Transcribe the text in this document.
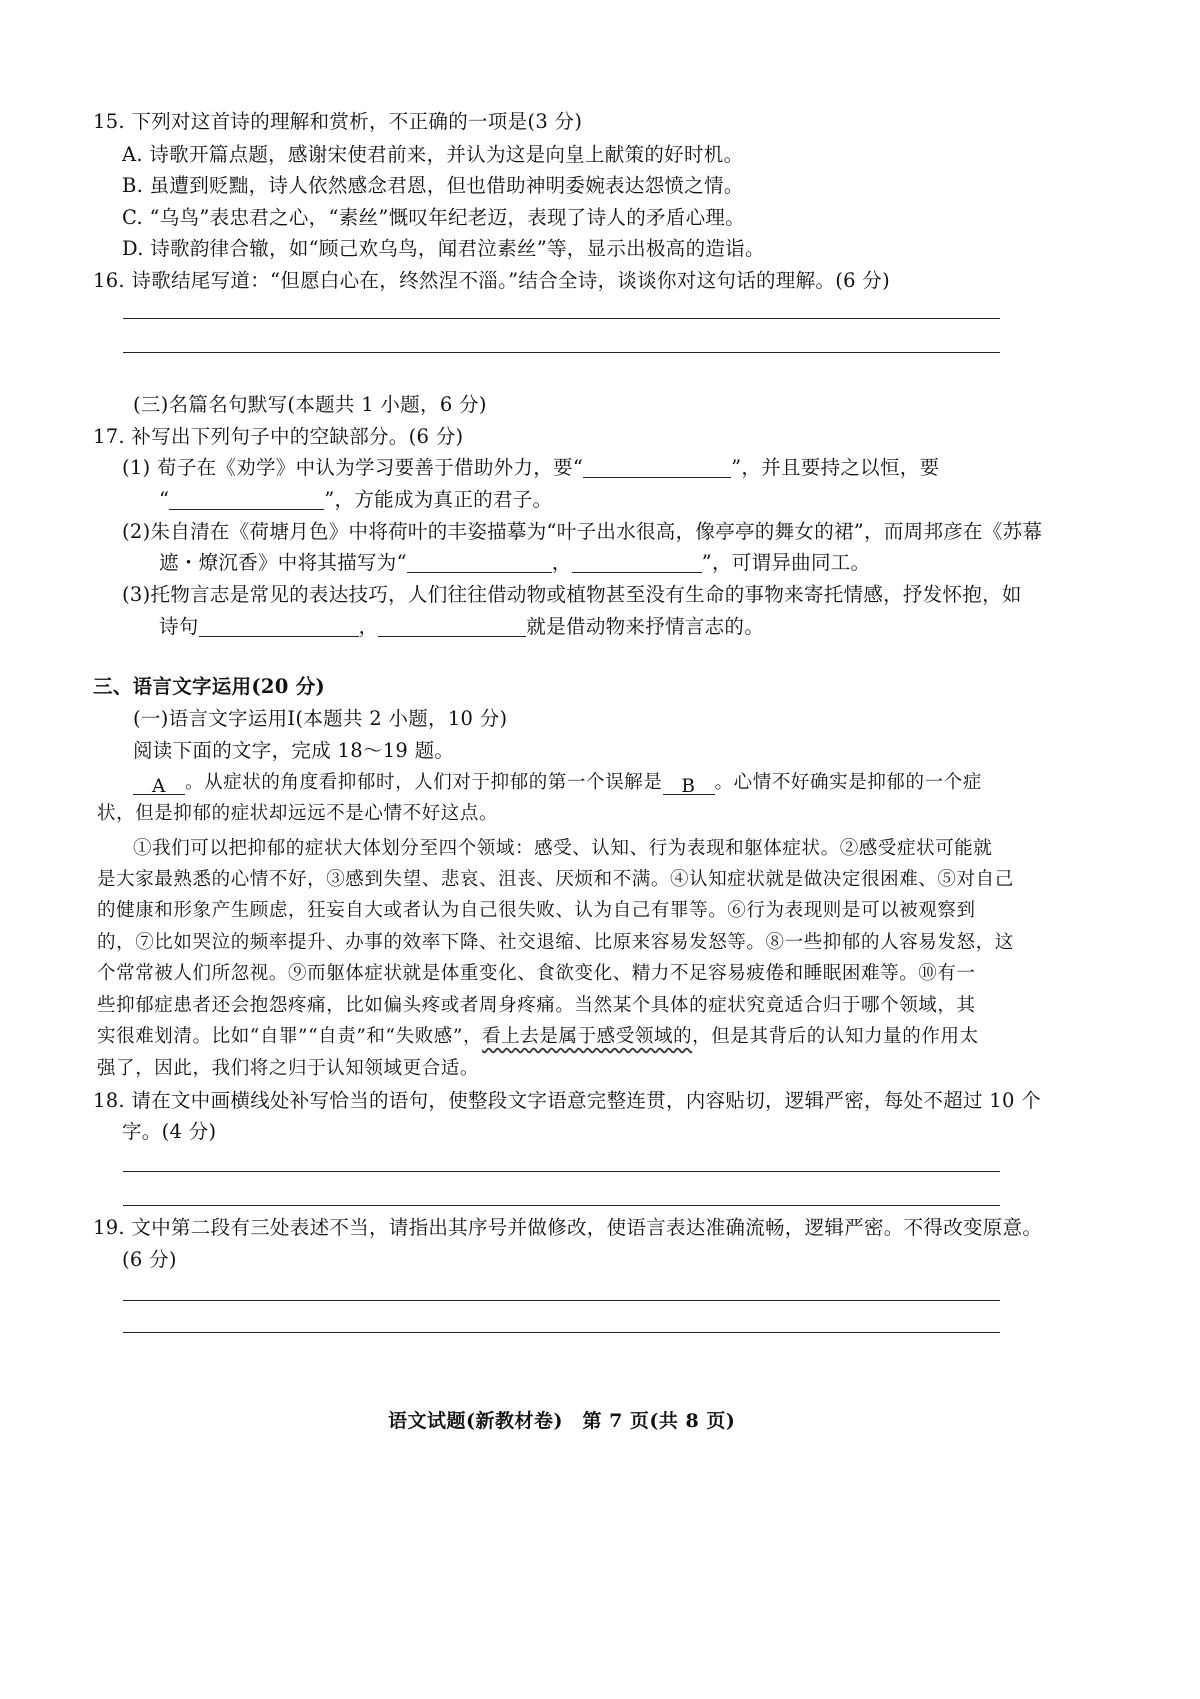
15. 下列对这首诗的理解和赏析，不正确的一项是(3 分)
A. 诗歌开篇点题，感谢宋使君前来，并认为这是向皇上献策的好时机。
B. 虽遭到贬黜，诗人依然感念君恩，但也借助神明委婉表达怨愤之情。
C. “乌鸟”表忠君之心，“素丝”慨叹年纪老迈，表现了诗人的矛盾心理。
D. 诗歌韵律合辙，如“顾己欢乌鸟，闻君泣素丝”等，显示出极高的造诣。
16. 诗歌结尾写道：“但愿白心在，终然涅不淄。”结合全诗，谈谈你对这句话的理解。(6 分)
(三)名篇名句默写(本题共 1 小题，6 分)
17. 补写出下列句子中的空缺部分。(6 分)
(1) 荀子在《劝学》中认为学习要善于借助外力，要“	”，并且要持之以恒，要
“	”，方能成为真正的君子。
(2)朱自清在《荷塘月色》中将荷叶的丰姿描摹为“叶子出水很高，像亭亭的舞女的裙”，而周邦彦在《苏幕
遮・燎沉香》中将其描写为“	，	”，可谓异曲同工。
(3)托物言志是常见的表达技巧，人们往往借动物或植物甚至没有生命的事物来寄托情感，抒发怀抱，如
诗句	，	就是借动物来抒情言志的。
三、语言文字运用(20 分)
(一)语言文字运用Ⅰ(本题共 2 小题，10 分)
阅读下面的文字，完成 18～19 题。
A 。从症状的角度看抑郁时，人们对于抑郁的第一个误解是 B 。心情不好确实是抑郁的一个症
状，但是抑郁的症状却远远不是心情不好这点。
①我们可以把抑郁的症状大体划分至四个领域：感受、认知、行为表现和躯体症状。②感受症状可能就
是大家最熟悉的心情不好，③感到失望、悲哀、沮丧、厌烦和不满。④认知症状就是做决定很困难、⑤对自己
的健康和形象产生顾虑，狂妄自大或者认为自己很失败、认为自己有罪等。⑥行为表现则是可以被观察到
的，⑦比如哭泣的频率提升、办事的效率下降、社交退缩、比原来容易发怒等。⑧一些抑郁的人容易发怒，这
个常常被人们所忽视。⑨而躯体症状就是体重变化、食欲变化、精力不足容易疲倦和睡眠困难等。⑩有一
些抑郁症患者还会抱怨疼痛，比如偏头疼或者周身疼痛。当然某个具体的症状究竟适合归于哪个领域，其
实很难划清。比如“自罪”“自责”和“失败感”，看上去是属于感受领域的，但是其背后的认知力量的作用太
强了，因此，我们将之归于认知领域更合适。
18. 请在文中画横线处补写恰当的语句，使整段文字语意完整连贯，内容贴切，逻辑严密，每处不超过 10 个
字。(4 分)
19. 文中第二段有三处表述不当，请指出其序号并做修改，使语言表达准确流畅，逻辑严密。不得改变原意。
(6 分)
语文试题(新教材卷)　第 7 页(共 8 页)
